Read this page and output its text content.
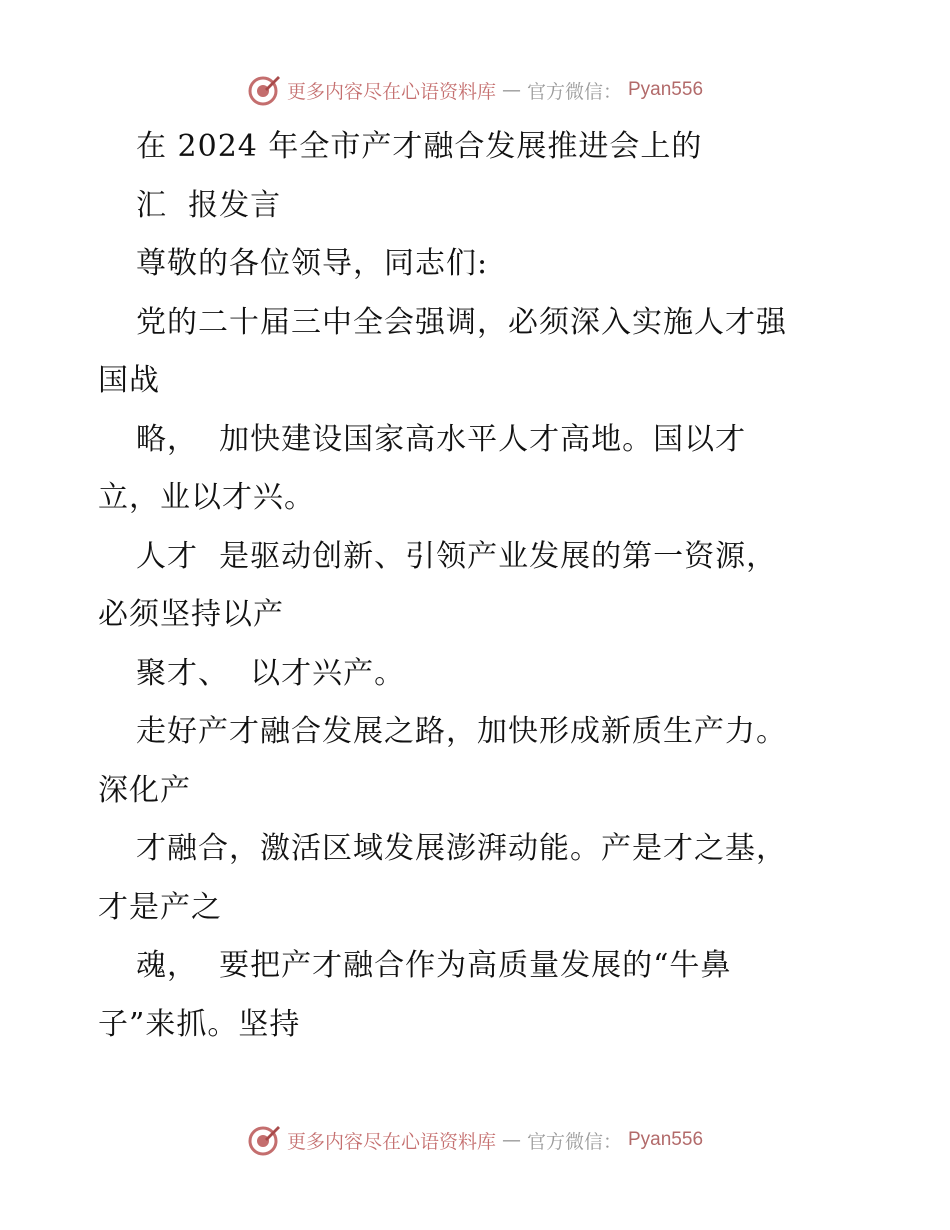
更多内容尽在心语资料库 — 官方微信： Pyan556
在 2024 年全市产才融合发展推进会上的
汇  报发言
尊敬的各位领导，同志们:
党的二十届三中全会强调，必须深入实施人才强
国战
略，  加快建设国家高水平人才高地。国以才
立，业以才兴。
人才  是驱动创新、引领产业发展的第一资源，
必须坚持以产
聚才、  以才兴产。
走好产才融合发展之路，加快形成新质生产力。
深化产
才融合，激活区域发展澎湃动能。产是才之基，
才是产之
魂，  要把产才融合作为高质量发展的“牛鼻
子”来抓。坚持
更多内容尽在心语资料库 — 官方微信： Pyan556
